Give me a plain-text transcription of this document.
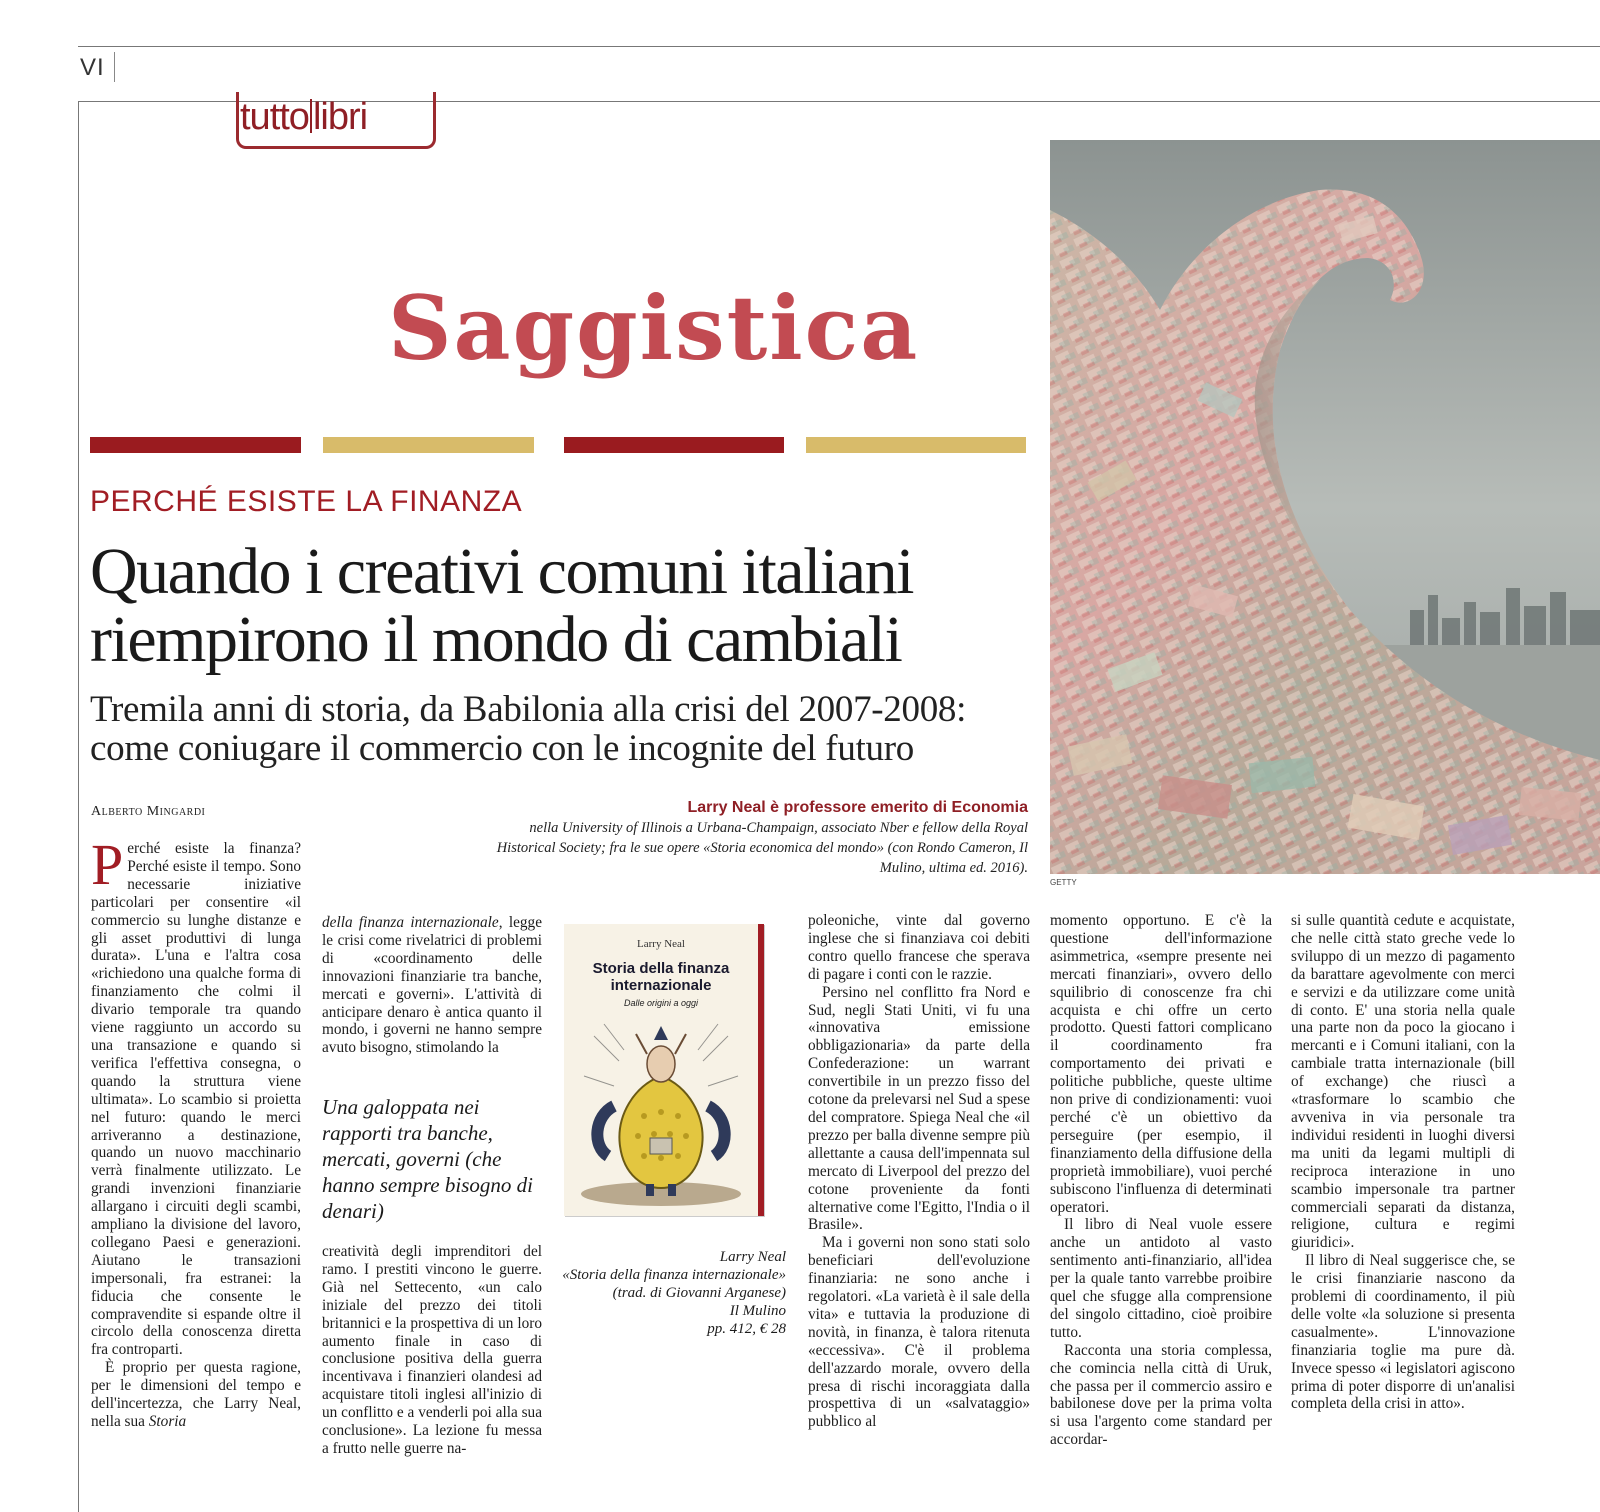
VI
tutto libri
Saggistica
PERCHÉ ESISTE LA FINANZA
Quando i creativi comuni italiani riempirono il mondo di cambiali
Tremila anni di storia, da Babilonia alla crisi del 2007-2008: come coniugare il commercio con le incognite del futuro
Alberto Mingardi	Larry Neal è professore emerito di Economia
nella University of Illinois a Urbana-Champaign, associato Nber e fellow della Royal Historical Society; fra le sue opere «Storia economica del mondo» (con Rondo Cameron, Il Mulino, ultima ed. 2016).
GETTY

Perché esiste la finanza? Perché esiste il tempo. Sono necessarie iniziative particolari per consentire «il commercio su lunghe distanze e gli asset produttivi di lunga durata». L'una e l'altra cosa «richiedono una qualche forma di finanziamento che colmi il divario temporale tra quando viene raggiunto un accordo su una transazione e quando si verifica l'effettiva consegna, o quando la struttura viene ultimata». Lo scambio si proietta nel futuro: quando le merci arriveranno a destinazione, quando un nuovo macchinario verrà finalmente utilizzato. Le grandi invenzioni finanziarie allargano i circuiti degli scambi, ampliano la divisione del lavoro, collegano Paesi e generazioni. Aiutano le transazioni impersonali, fra estranei: la fiducia che consente le compravendite si espande oltre il circolo della conoscenza diretta fra controparti.

È proprio per questa ragione, per le dimensioni del tempo e dell'incertezza, che Larry Neal, nella sua Storia

della finanza internazionale, legge le crisi come rivelatrici di problemi di «coordinamento delle innovazioni finanziarie tra banche, mercati e governi». L'attività di anticipare denaro è antica quanto il mondo, i governi ne hanno sempre avuto bisogno, stimolando la

Una galoppata nei rapporti tra banche, mercati, governi (che hanno sempre bisogno di denari)

creatività degli imprenditori del ramo. I prestiti vincono le guerre. Già nel Settecento, «un calo iniziale del prezzo dei titoli britannici e la prospettiva di un loro aumento finale in caso di conclusione positiva della guerra incentivava i finanzieri olandesi ad acquistare titoli inglesi all'inizio di un conflitto e a venderli poi alla sua conclusione». La lezione fu messa a frutto nelle guerre na-

Larry Neal
Storia della finanza internazionale
Dalle origini a oggi
Larry Neal
«Storia della finanza internazionale»
(trad. di Giovanni Arganese)
Il Mulino
pp. 412, € 28

poleoniche, vinte dal governo inglese che si finanziava coi debiti contro quello francese che sperava di pagare i conti con le razzie.

Persino nel conflitto fra Nord e Sud, negli Stati Uniti, vi fu una «innovativa emissione obbligazionaria» da parte della Confederazione: un warrant convertibile in un prezzo fisso del cotone da prelevarsi nel Sud a spese del compratore. Spiega Neal che «il prezzo per balla divenne sempre più allettante a causa dell'impennata sul mercato di Liverpool del prezzo del cotone proveniente da fonti alternative come l'Egitto, l'India o il Brasile».

Ma i governi non sono stati solo beneficiari dell'evoluzione finanziaria: ne sono anche i regolatori. «La varietà è il sale della vita» e tuttavia la produzione di novità, in finanza, è talora ritenuta «eccessiva». C'è il problema dell'azzardo morale, ovvero della presa di rischi incoraggiata dalla prospettiva di un «salvataggio» pubblico al

momento opportuno. E c'è la questione dell'informazione asimmetrica, «sempre presente nei mercati finanziari», ovvero dello squilibrio di conoscenze fra chi acquista e chi offre un certo prodotto. Questi fattori complicano il coordinamento fra comportamento dei privati e politiche pubbliche, queste ultime non prive di condizionamenti: vuoi perché c'è un obiettivo da perseguire (per esempio, il finanziamento della diffusione della proprietà immobiliare), vuoi perché subiscono l'influenza di determinati operatori.

Il libro di Neal vuole essere anche un antidoto al vasto sentimento anti-finanziario, all'idea per la quale tanto varrebbe proibire quel che sfugge alla comprensione del singolo cittadino, cioè proibire tutto.

Racconta una storia complessa, che comincia nella città di Uruk, che passa per il commercio assiro e babilonese dove per la prima volta si usa l'argento come standard per accordar-

si sulle quantità cedute e acquistate, che nelle città stato greche vede lo sviluppo di un mezzo di pagamento da barattare agevolmente con merci e servizi e da utilizzare come unità di conto. E' una storia nella quale una parte non da poco la giocano i mercanti e i Comuni italiani, con la cambiale tratta internazionale (bill of exchange) che riuscì a «trasformare lo scambio che avveniva in via personale tra individui residenti in luoghi diversi ma uniti da legami multipli di reciproca interazione in uno scambio impersonale tra partner commerciali separati da distanza, religione, cultura e regimi giuridici».

Il libro di Neal suggerisce che, se le crisi finanziarie nascono da problemi di coordinamento, il più delle volte «la soluzione si presenta casualmente». L'innovazione finanziaria toglie ma pure dà. Invece spesso «i legislatori agiscono prima di poter disporre di un'analisi completa della crisi in atto».
